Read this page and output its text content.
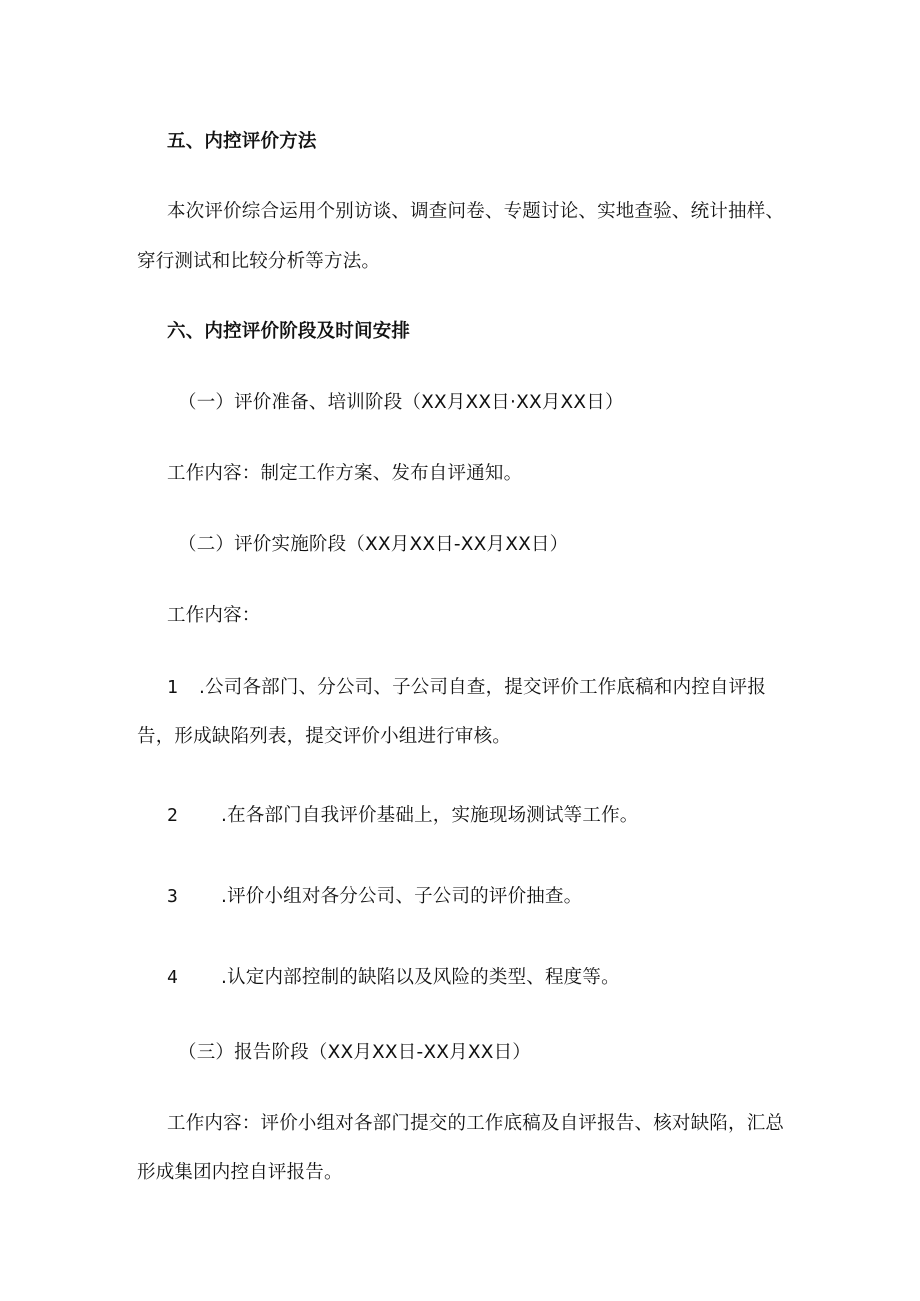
五、内控评价方法
本次评价综合运用个别访谈、调查问卷、专题讨论、实地查验、统计抽样、
穿行测试和比较分析等方法。
六、内控评价阶段及时间安排
（一）评价准备、培训阶段（XX月XX日·XX月XX日）
工作内容：制定工作方案、发布自评通知。
（二）评价实施阶段（XX月XX日-XX月XX日）
工作内容：
1 .公司各部门、分公司、子公司自查，提交评价工作底稿和内控自评报
告，形成缺陷列表，提交评价小组进行审核。
2 .在各部门自我评价基础上，实施现场测试等工作。
3 .评价小组对各分公司、子公司的评价抽查。
4 .认定内部控制的缺陷以及风险的类型、程度等。
（三）报告阶段（XX月XX日-XX月XX日）
工作内容：评价小组对各部门提交的工作底稿及自评报告、核对缺陷，汇总
形成集团内控自评报告。
